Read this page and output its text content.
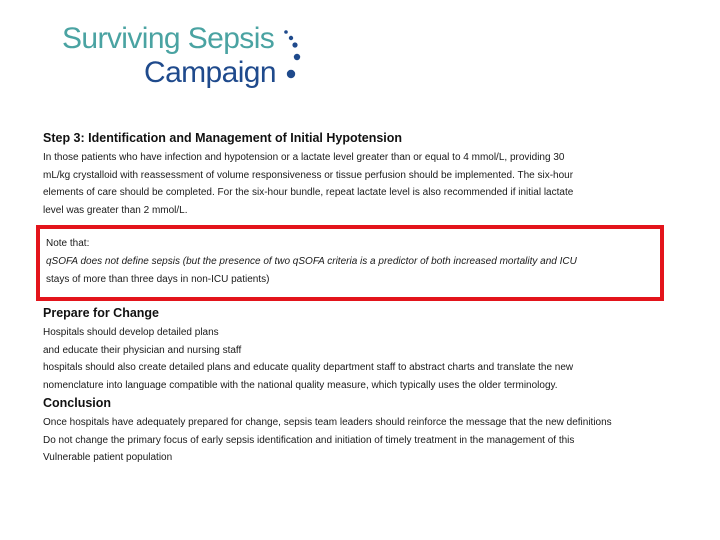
Surviving Sepsis
Campaign
Step 3: Identification and Management of Initial Hypotension

In those patients who have infection and hypotension or a lactate level greater than or equal to 4 mmol/L, providing 30
mL/kg crystalloid with reassessment of volume responsiveness or tissue perfusion should be implemented. The six-hour
elements of care should be completed. For the six-hour bundle, repeat lactate level is also recommended if initial lactate
level was greater than 2 mmol/L.

Note that:
qSOFA does not define sepsis (but the presence of two qSOFA criteria is a predictor of both increased mortality and ICU
stays of more than three days in non-ICU patients)
Prepare for Change

Hospitals should develop detailed plans
and educate their physician and nursing staff
hospitals should also create detailed plans and educate quality department staff to abstract charts and translate the new
nomenclature into language compatible with the national quality measure, which typically uses the older terminology.

Conclusion

Once hospitals have adequately prepared for change, sepsis team leaders should reinforce the message that the new definitions
Do not change the primary focus of early sepsis identification and initiation of timely treatment in the management of this
Vulnerable patient population
